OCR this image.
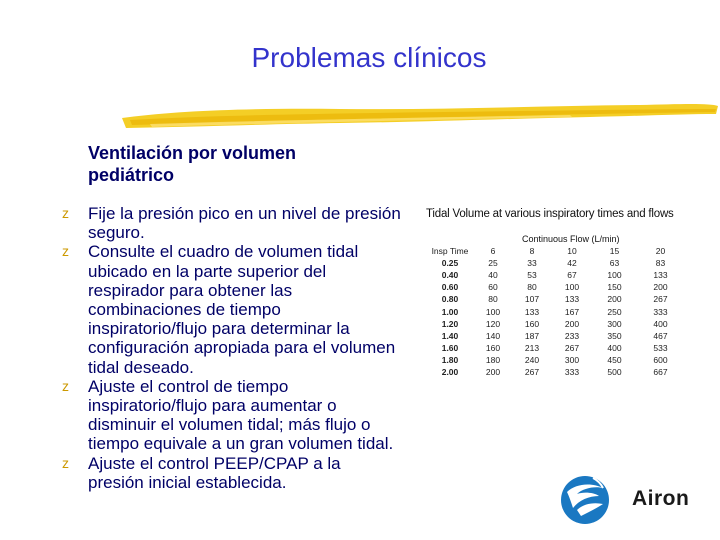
Problemas clínicos
Ventilación por volumen
pediátrico
z Fije la presión pico en un nivel de presión
seguro.
z Consulte el cuadro de volumen tidal
ubicado en la parte superior del
respirador para obtener las
combinaciones de tiempo
inspiratorio/flujo para determinar la
configuración apropiada para el volumen
tidal deseado.
z Ajuste el control de tiempo
inspiratorio/flujo para aumentar o
disminuir el volumen tidal; más flujo o
tiempo equivale a un gran volumen tidal.
z Ajuste el control PEEP/CPAP a la
presión inicial establecida.
Tidal Volume at various inspiratory times and flows
Continuous Flow (L/min)
Insp Time	6	8	10	15	20
0.25	25	33	42	63	83
0.40	40	53	67	100	133
0.60	60	80	100	150	200
0.80	80	107	133	200	267
1.00	100	133	167	250	333
1.20	120	160	200	300	400
1.40	140	187	233	350	467
1.60	160	213	267	400	533
1.80	180	240	300	450	600
2.00	200	267	333	500	667
Airon
